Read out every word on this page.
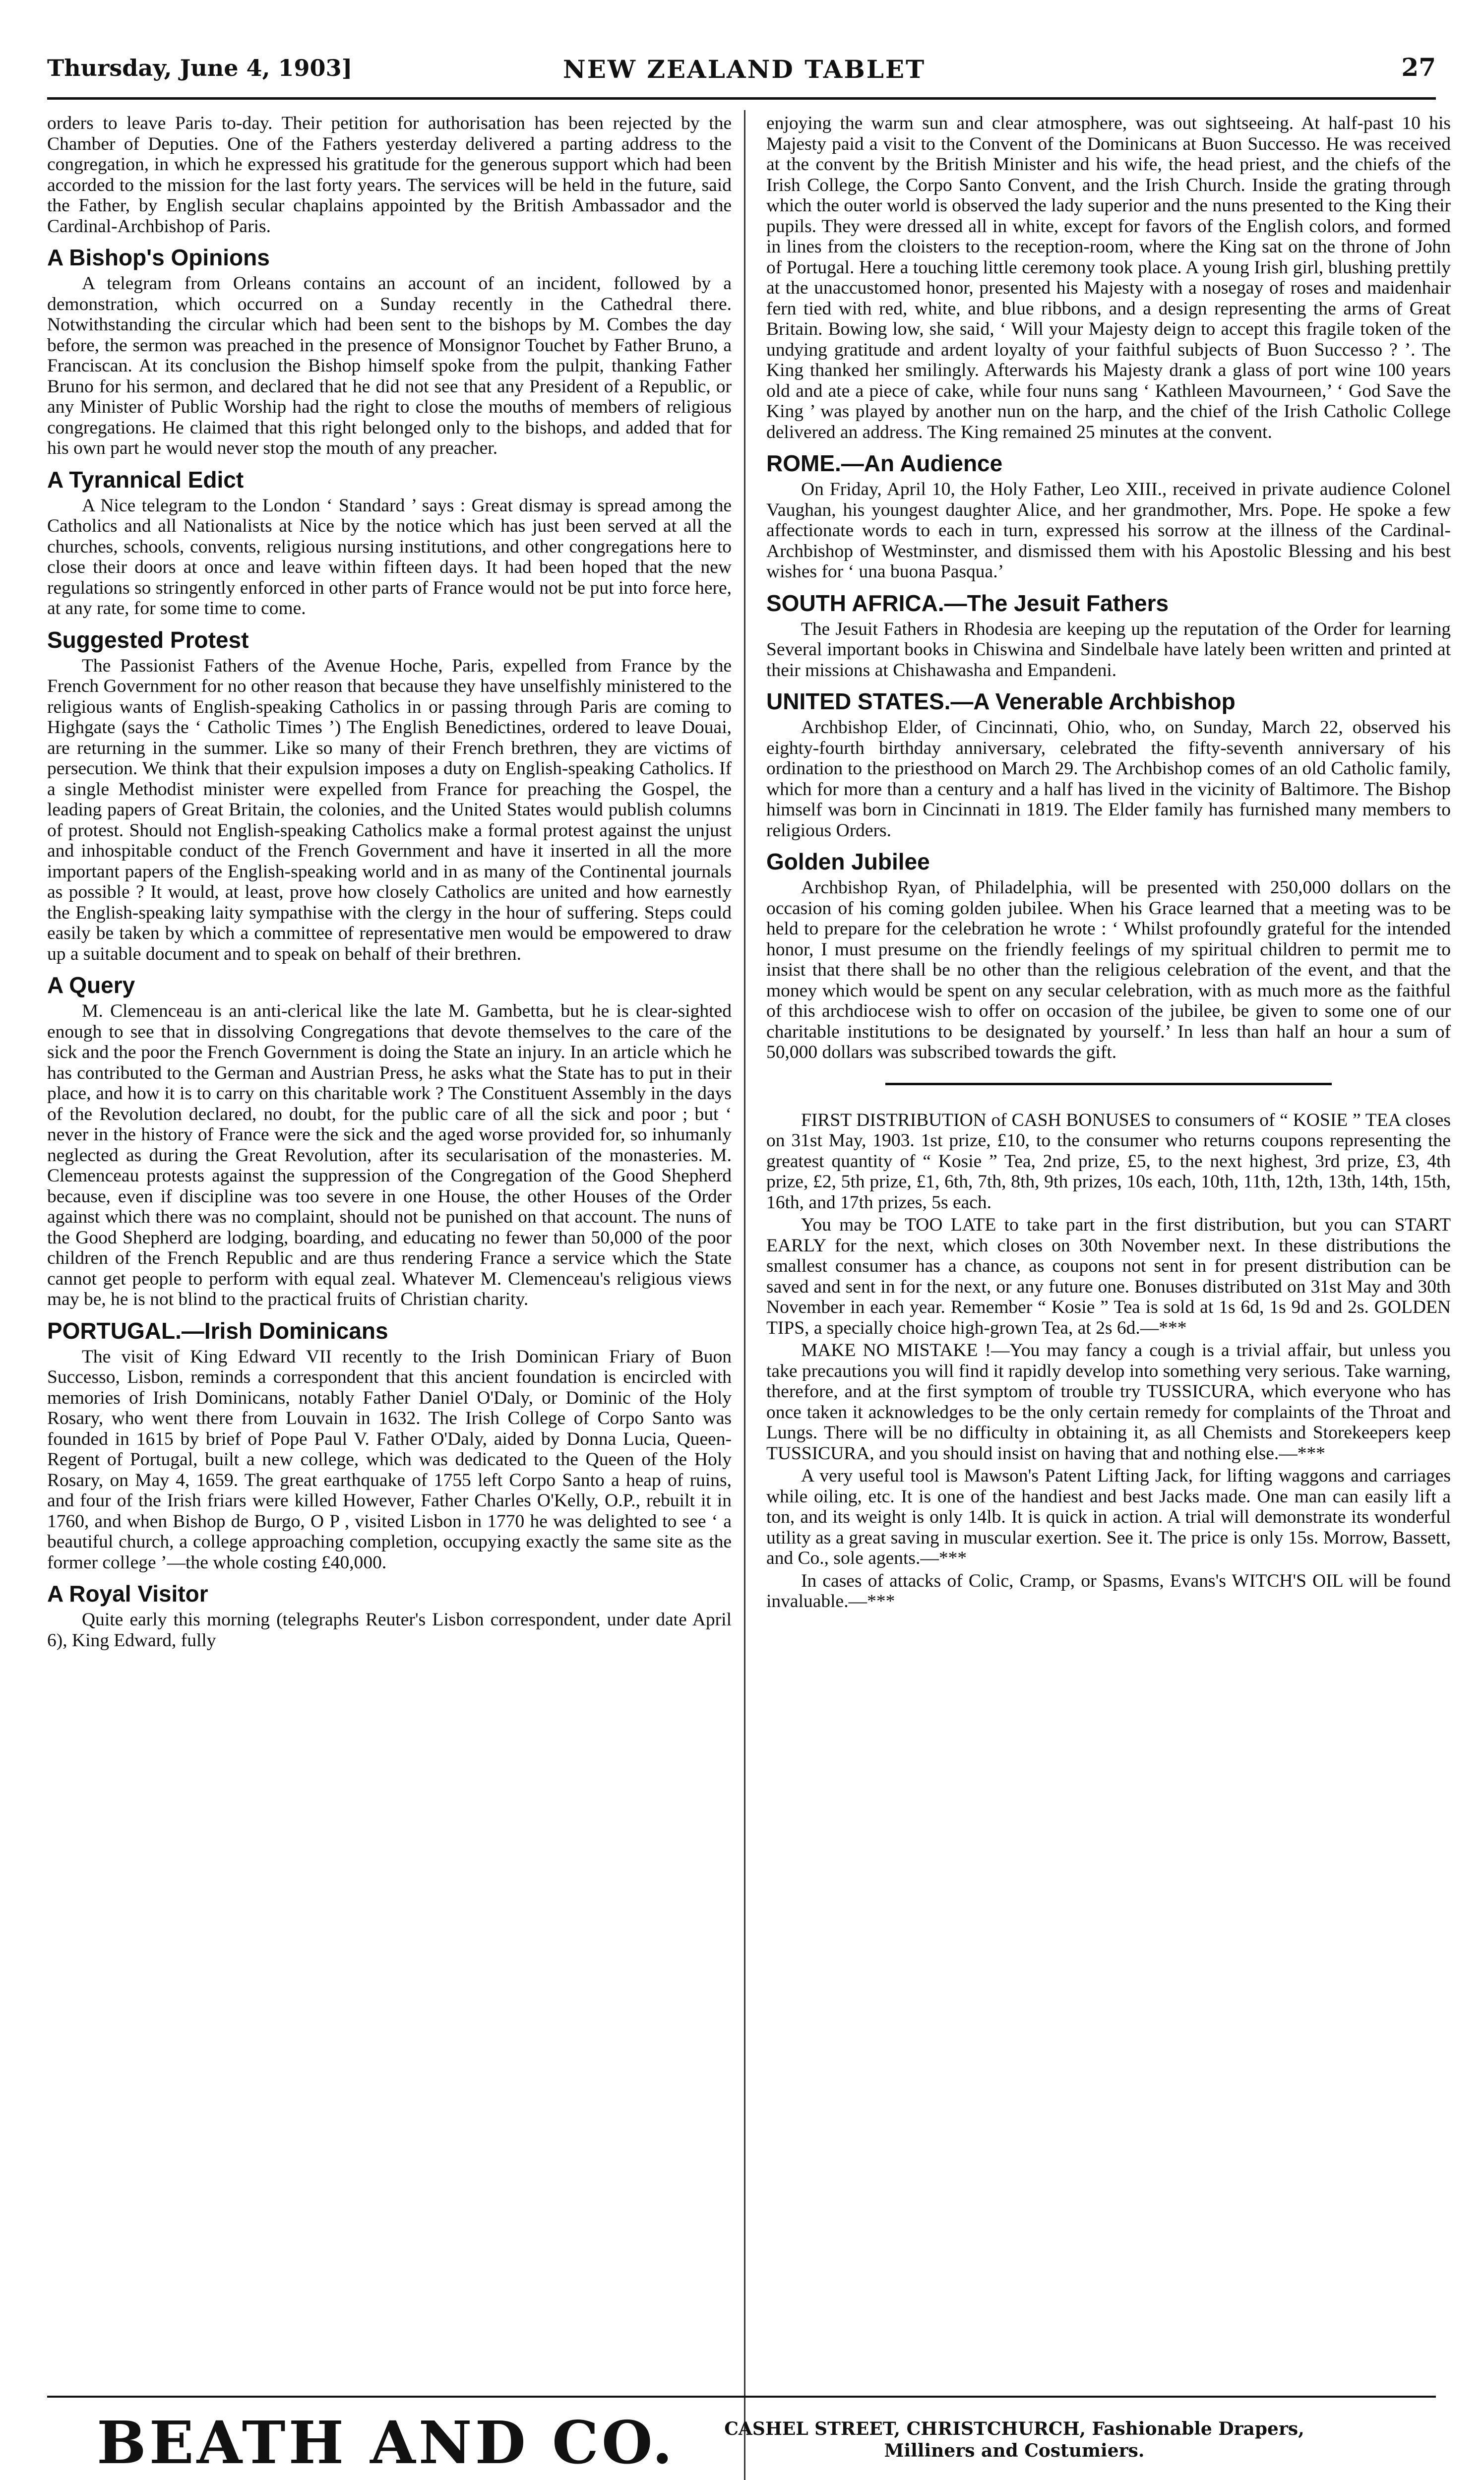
Thursday, June 4, 1903]	NEW ZEALAND TABLET	27

orders to leave Paris to-day. Their petition for authorisation has been rejected by the Chamber of Deputies. One of the Fathers yesterday delivered a parting address to the congregation, in which he expressed his gratitude for the generous support which had been accorded to the mission for the last forty years. The services will be held in the future, said the Father, by English secular chaplains appointed by the British Ambassador and the Cardinal-Archbishop of Paris.

A Bishop's Opinions

A telegram from Orleans contains an account of an incident, followed by a demonstration, which occurred on a Sunday recently in the Cathedral there. Notwithstanding the circular which had been sent to the bishops by M. Combes the day before, the sermon was preached in the presence of Monsignor Touchet by Father Bruno, a Franciscan. At its conclusion the Bishop himself spoke from the pulpit, thanking Father Bruno for his sermon, and declared that he did not see that any President of a Republic, or any Minister of Public Worship had the right to close the mouths of members of religious congregations. He claimed that this right belonged only to the bishops, and added that for his own part he would never stop the mouth of any preacher.

A Tyrannical Edict

A Nice telegram to the London ‘ Standard ’ says : Great dismay is spread among the Catholics and all Nationalists at Nice by the notice which has just been served at all the churches, schools, convents, religious nursing institutions, and other congregations here to close their doors at once and leave within fifteen days. It had been hoped that the new regulations so stringently enforced in other parts of France would not be put into force here, at any rate, for some time to come.

Suggested Protest

The Passionist Fathers of the Avenue Hoche, Paris, expelled from France by the French Government for no other reason that because they have unselfishly ministered to the religious wants of English-speaking Catholics in or passing through Paris are coming to Highgate (says the ‘ Catholic Times ’) The English Benedictines, ordered to leave Douai, are returning in the summer. Like so many of their French brethren, they are victims of persecution. We think that their expulsion imposes a duty on English-speaking Catholics. If a single Methodist minister were expelled from France for preaching the Gospel, the leading papers of Great Britain, the colonies, and the United States would publish columns of protest. Should not English-speaking Catholics make a formal protest against the unjust and inhospitable conduct of the French Government and have it inserted in all the more important papers of the English-speaking world and in as many of the Continental journals as possible ? It would, at least, prove how closely Catholics are united and how earnestly the English-speaking laity sympathise with the clergy in the hour of suffering. Steps could easily be taken by which a committee of representative men would be empowered to draw up a suitable document and to speak on behalf of their brethren.

A Query

M. Clemenceau is an anti-clerical like the late M. Gambetta, but he is clear-sighted enough to see that in dissolving Congregations that devote themselves to the care of the sick and the poor the French Government is doing the State an injury. In an article which he has contributed to the German and Austrian Press, he asks what the State has to put in their place, and how it is to carry on this charitable work ? The Constituent Assembly in the days of the Revolution declared, no doubt, for the public care of all the sick and poor ; but ‘ never in the history of France were the sick and the aged worse provided for, so inhumanly neglected as during the Great Revolution, after its secularisation of the monasteries. M. Clemenceau protests against the suppression of the Congregation of the Good Shepherd because, even if discipline was too severe in one House, the other Houses of the Order against which there was no complaint, should not be punished on that account. The nuns of the Good Shepherd are lodging, boarding, and educating no fewer than 50,000 of the poor children of the French Republic and are thus rendering France a service which the State cannot get people to perform with equal zeal. Whatever M. Clemenceau's religious views may be, he is not blind to the practical fruits of Christian charity.

PORTUGAL.—Irish Dominicans

The visit of King Edward VII recently to the Irish Dominican Friary of Buon Successo, Lisbon, reminds a correspondent that this ancient foundation is encircled with memories of Irish Dominicans, notably Father Daniel O'Daly, or Dominic of the Holy Rosary, who went there from Louvain in 1632. The Irish College of Corpo Santo was founded in 1615 by brief of Pope Paul V. Father O'Daly, aided by Donna Lucia, Queen-Regent of Portugal, built a new college, which was dedicated to the Queen of the Holy Rosary, on May 4, 1659. The great earthquake of 1755 left Corpo Santo a heap of ruins, and four of the Irish friars were killed However, Father Charles O'Kelly, O.P., rebuilt it in 1760, and when Bishop de Burgo, O P , visited Lisbon in 1770 he was delighted to see ‘ a beautiful church, a college approaching completion, occupying exactly the same site as the former college ’—the whole costing £40,000.

A Royal Visitor

Quite early this morning (telegraphs Reuter's Lisbon correspondent, under date April 6), King Edward, fully

enjoying the warm sun and clear atmosphere, was out sightseeing. At half-past 10 his Majesty paid a visit to the Convent of the Dominicans at Buon Successo. He was received at the convent by the British Minister and his wife, the head priest, and the chiefs of the Irish College, the Corpo Santo Convent, and the Irish Church. Inside the grating through which the outer world is observed the lady superior and the nuns presented to the King their pupils. They were dressed all in white, except for favors of the English colors, and formed in lines from the cloisters to the reception-room, where the King sat on the throne of John of Portugal. Here a touching little ceremony took place. A young Irish girl, blushing prettily at the unaccustomed honor, presented his Majesty with a nosegay of roses and maidenhair fern tied with red, white, and blue ribbons, and a design representing the arms of Great Britain. Bowing low, she said, ‘ Will your Majesty deign to accept this fragile token of the undying gratitude and ardent loyalty of your faithful subjects of Buon Successo ? ’. The King thanked her smilingly. Afterwards his Majesty drank a glass of port wine 100 years old and ate a piece of cake, while four nuns sang ‘ Kathleen Mavourneen,’ ‘ God Save the King ’ was played by another nun on the harp, and the chief of the Irish Catholic College delivered an address. The King remained 25 minutes at the convent.

ROME.—An Audience

On Friday, April 10, the Holy Father, Leo XIII., received in private audience Colonel Vaughan, his youngest daughter Alice, and her grandmother, Mrs. Pope. He spoke a few affectionate words to each in turn, expressed his sorrow at the illness of the Cardinal-Archbishop of Westminster, and dismissed them with his Apostolic Blessing and his best wishes for ‘ una buona Pasqua.’

SOUTH AFRICA.—The Jesuit Fathers

The Jesuit Fathers in Rhodesia are keeping up the reputation of the Order for learning Several important books in Chiswina and Sindelbale have lately been written and printed at their missions at Chishawasha and Empandeni.

UNITED STATES.—A Venerable Archbishop

Archbishop Elder, of Cincinnati, Ohio, who, on Sunday, March 22, observed his eighty-fourth birthday anniversary, celebrated the fifty-seventh anniversary of his ordination to the priesthood on March 29. The Archbishop comes of an old Catholic family, which for more than a century and a half has lived in the vicinity of Baltimore. The Bishop himself was born in Cincinnati in 1819. The Elder family has furnished many members to religious Orders.

Golden Jubilee

Archbishop Ryan, of Philadelphia, will be presented with 250,000 dollars on the occasion of his coming golden jubilee. When his Grace learned that a meeting was to be held to prepare for the celebration he wrote : ‘ Whilst profoundly grateful for the intended honor, I must presume on the friendly feelings of my spiritual children to permit me to insist that there shall be no other than the religious celebration of the event, and that the money which would be spent on any secular celebration, with as much more as the faithful of this archdiocese wish to offer on occasion of the jubilee, be given to some one of our charitable institutions to be designated by yourself.’ In less than half an hour a sum of 50,000 dollars was subscribed towards the gift.

FIRST DISTRIBUTION of CASH BONUSES to consumers of “ KOSIE ” TEA closes on 31st May, 1903. 1st prize, £10, to the consumer who returns coupons representing the greatest quantity of “ Kosie ” Tea, 2nd prize, £5, to the next highest, 3rd prize, £3, 4th prize, £2, 5th prize, £1, 6th, 7th, 8th, 9th prizes, 10s each, 10th, 11th, 12th, 13th, 14th, 15th, 16th, and 17th prizes, 5s each.

You may be TOO LATE to take part in the first distribution, but you can START EARLY for the next, which closes on 30th November next. In these distributions the smallest consumer has a chance, as coupons not sent in for present distribution can be saved and sent in for the next, or any future one. Bonuses distributed on 31st May and 30th November in each year. Remember “ Kosie ” Tea is sold at 1s 6d, 1s 9d and 2s. GOLDEN TIPS, a specially choice high-grown Tea, at 2s 6d.—***

MAKE NO MISTAKE !—You may fancy a cough is a trivial affair, but unless you take precautions you will find it rapidly develop into something very serious. Take warning, therefore, and at the first symptom of trouble try TUSSICURA, which everyone who has once taken it acknowledges to be the only certain remedy for complaints of the Throat and Lungs. There will be no difficulty in obtaining it, as all Chemists and Storekeepers keep TUSSICURA, and you should insist on having that and nothing else.—***

A very useful tool is Mawson's Patent Lifting Jack, for lifting waggons and carriages while oiling, etc. It is one of the handiest and best Jacks made. One man can easily lift a ton, and its weight is only 14lb. It is quick in action. A trial will demonstrate its wonderful utility as a great saving in muscular exertion. See it. The price is only 15s. Morrow, Bassett, and Co., sole agents.—***

In cases of attacks of Colic, Cramp, or Spasms, Evans's WITCH'S OIL will be found invaluable.—***

BEATH AND CO.	CASHEL STREET, CHRISTCHURCH, Fashionable Drapers,
Milliners and Costumiers.
